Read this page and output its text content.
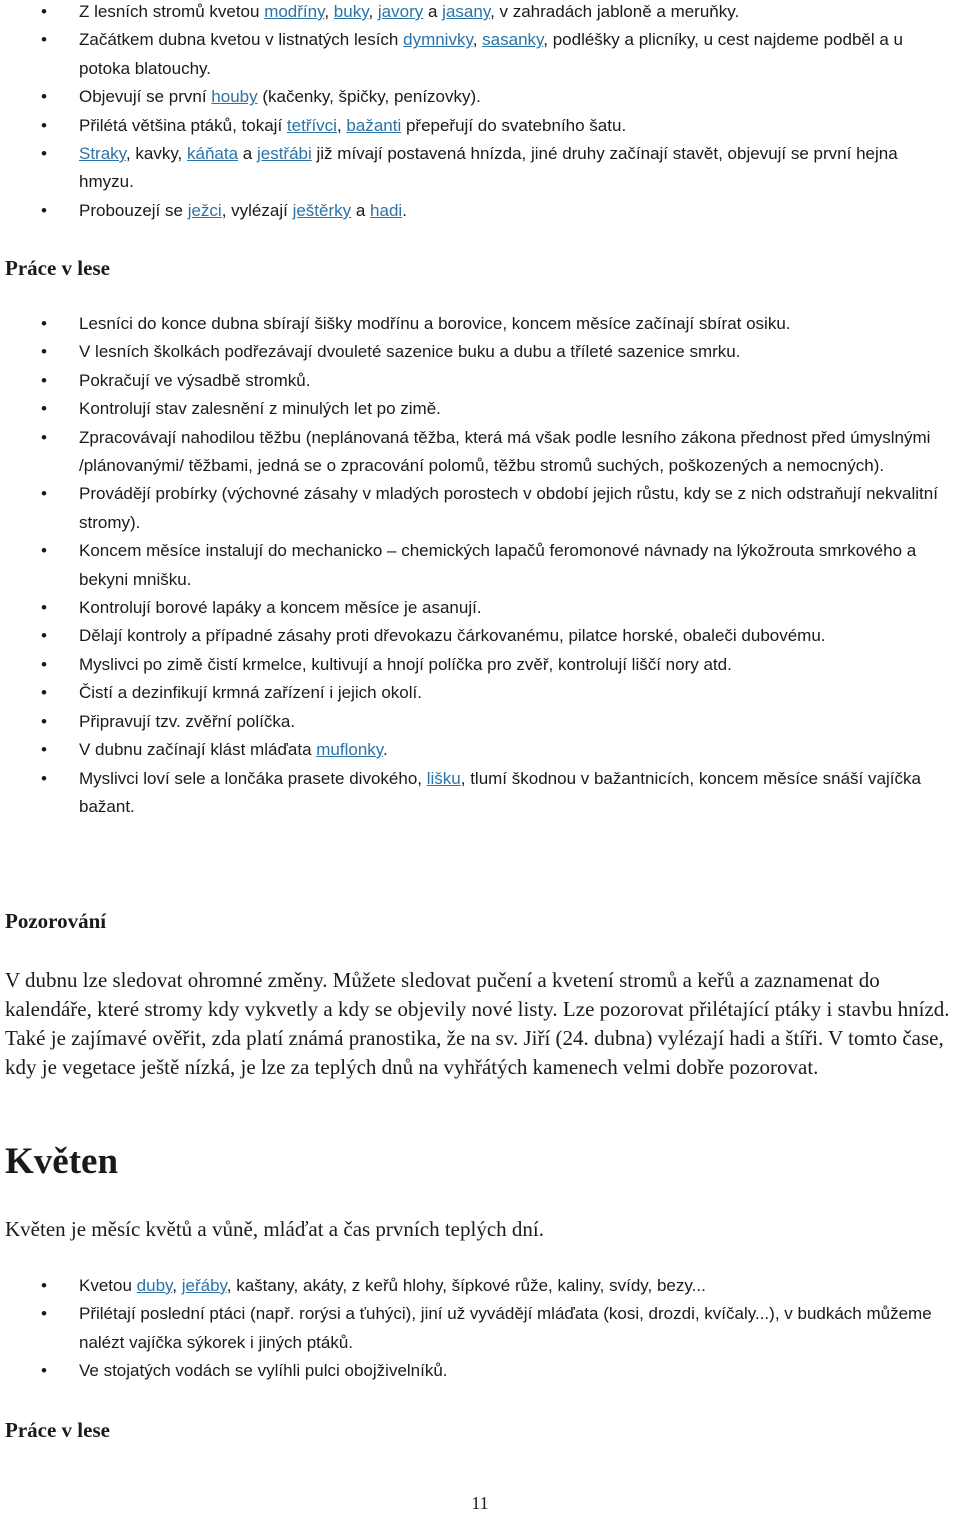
• Z lesních stromů kvetou modříny, buky, javory a jasany, v zahradách jabloně a meruňky.
• Začátkem dubna kvetou v listnatých lesích dymnivky, sasanky, podléšky a plicníky, u cest najdeme podběl a u potoka blatouchy.
• Objevují se první houby (kačenky, špičky, penízovky).
• Přilétá většina ptáků, tokají tetřívci, bažanti přepeřují do svatebního šatu.
• Straky, kavky, káňata a jestřábi již mívají postavená hnízda, jiné druhy začínají stavět, objevují se první hejna hmyzu.
• Probouzejí se ježci, vylézají ještěrky a hadi.
Práce v lese
• Lesníci do konce dubna sbírají šišky modřínu a borovice, koncem měsíce začínají sbírat osiku.
• V lesních školkách podřezávají dvouleté sazenice buku a dubu a tříleté sazenice smrku.
• Pokračují ve výsadbě stromků.
• Kontrolují stav zalesnění z minulých let po zimě.
• Zpracovávají nahodilou těžbu (neplánovaná těžba, která má však podle lesního zákona přednost před úmyslnými /plánovanými/ těžbami, jedná se o zpracování polomů, těžbu stromů suchých, poškozených a nemocných).
• Provádějí probírky (výchovné zásahy v mladých porostech v období jejich růstu, kdy se z nich odstraňují nekvalitní stromy).
• Koncem měsíce instalují do mechanicko – chemických lapačů feromonové návnady na lýkožrouta smrkového a bekyni mnišku.
• Kontrolují borové lapáky a koncem měsíce je asanují.
• Dělají kontroly a případné zásahy proti dřevokazu čárkovanému, pilatce horské, obaleči dubovému.
• Myslivci po zimě čistí krmelce, kultivují a hnojí políčka pro zvěř, kontrolují liščí nory atd.
• Čistí a dezinfikují krmná zařízení i jejich okolí.
• Připravují tzv. zvěřní políčka.
• V dubnu začínají klást mláďata muflonky.
• Myslivci loví sele a lončáka prasete divokého, lišku, tlumí škodnou v bažantnicích, koncem měsíce snáší vajíčka bažant.
Pozorování

V dubnu lze sledovat ohromné změny. Můžete sledovat pučení a kvetení stromů a keřů a zaznamenat do kalendáře, které stromy kdy vykvetly a kdy se objevily nové listy. Lze pozorovat přilétající ptáky i stavbu hnízd. Také je zajímavé ověřit, zda platí známá pranostika, že na sv. Jiří (24. dubna) vylézají hadi a štíři. V tomto čase, kdy je vegetace ještě nízká, je lze za teplých dnů na vyhřátých kamenech velmi dobře pozorovat.

Květen

Květen je měsíc květů a vůně, mláďat a čas prvních teplých dní.

• Kvetou duby, jeřáby, kaštany, akáty, z keřů hlohy, šípkové růže, kaliny, svídy, bezy...
• Přilétají poslední ptáci (např. rorýsi a ťuhýci), jiní už vyvádějí mláďata (kosi, drozdi, kvíčaly...), v budkách můžeme nalézt vajíčka sýkorek i jiných ptáků.
• Ve stojatých vodách se vylíhli pulci obojživelníků.
Práce v lese
11
